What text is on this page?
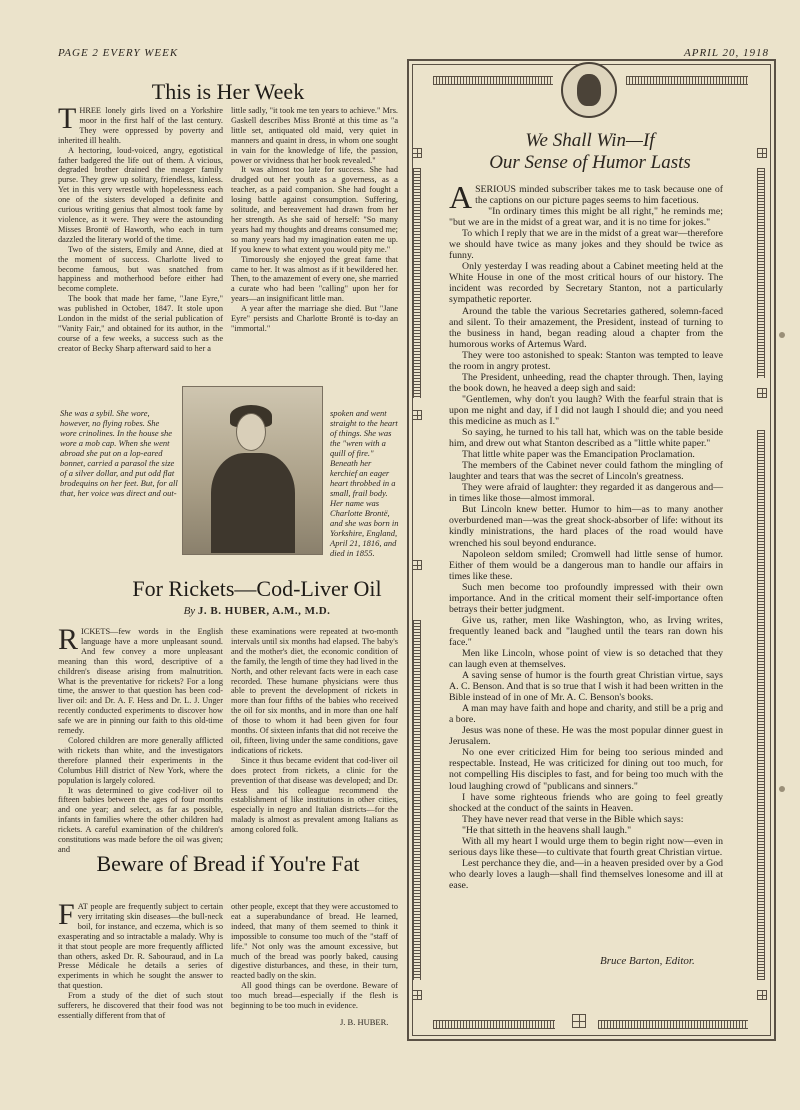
PAGE 2 EVERY WEEK	APRIL 20, 1918
This is Her Week

THREE lonely girls lived on a Yorkshire moor in the first half of the last century. They were oppressed by poverty and inherited ill health.

A hectoring, loud-voiced, angry, egotistical father badgered the life out of them. A vicious, degraded brother drained the meager family purse. They grew up solitary, friendless, kinless. Yet in this very wrestle with hopelessness each one of the sisters developed a definite and curious writing genius that almost took fame by violence, as it were. They were the astounding Misses Brontë of Haworth, who each in turn dazzled the literary world of the time.

Two of the sisters, Emily and Anne, died at the moment of success. Charlotte lived to become famous, but was snatched from happiness and motherhood before either had become complete.

The book that made her fame, "Jane Eyre," was published in October, 1847. It stole upon London in the midst of the serial publication of "Vanity Fair," and obtained for its author, in the course of a few weeks, a success such as the creator of Becky Sharp afterward said to her a

little sadly, "it took me ten years to achieve." Mrs. Gaskell describes Miss Brontë at this time as "a little set, antiquated old maid, very quiet in manners and quaint in dress, in whom one sought in vain for the knowledge of life, the passion, power or vividness that her book revealed."

It was almost too late for success. She had drudged out her youth as a governess, as a teacher, as a paid companion. She had fought a losing battle against consumption. Suffering, solitude, and bereavement had drawn from her her strength. As she said of herself: "So many years had my thoughts and dreams consumed me; so many years had my imagination eaten me up. If you knew to what extent you would pity me."

Timorously she enjoyed the great fame that came to her. It was almost as if it bewildered her. Then, to the amazement of every one, she married a curate who had been "calling" upon her for years—an insignificant little man.

A year after the marriage she died. But "Jane Eyre" persists and Charlotte Brontë is to-day an "immortal."

She was a sybil. She wore, however, no flying robes. She wore crinolines. In the house she wore a mob cap. When she went abroad she put on a lop-eared bonnet, carried a parasol the size of a silver dollar, and put odd flat brodequins on her feet. But, for all that, her voice was direct and out-
spoken and went straight to the heart of things. She was the "wren with a quill of fire." Beneath her kerchief an eager heart throbbed in a small, frail body. Her name was Charlotte Brontë, and she was born in Yorkshire, England, April 21, 1816, and died in 1855.
For Rickets—Cod-Liver Oil
By J. B. HUBER, A.M., M.D.

RICKETS—few words in the English language have a more unpleasant sound. And few convey a more unpleasant meaning than this word, descriptive of a children's disease arising from malnutrition. What is the preventative for rickets? For a long time, the answer to that question has been cod-liver oil: and Dr. A. F. Hess and Dr. L. J. Unger recently conducted experiments to discover how safe we are in pinning our faith to this old-time remedy.

Colored children are more generally afflicted with rickets than white, and the investigators therefore planned their experiments in the Columbus Hill district of New York, where the population is largely colored.

It was determined to give cod-liver oil to fifteen babies between the ages of four months and one year; and select, as far as possible, infants in families where the other children had rickets. A careful examination of the children's constitutions was made before the oil was given; and

these examinations were repeated at two-month intervals until six months had elapsed. The baby's and the mother's diet, the economic condition of the family, the length of time they had lived in the North, and other relevant facts were in each case recorded. These humane physicians were thus able to prevent the development of rickets in more than four fifths of the babies who received the oil for six months, and in more than one half of those to whom it had been given for four months. Of sixteen infants that did not receive the oil, fifteen, living under the same conditions, gave indications of rickets.

Since it thus became evident that cod-liver oil does protect from rickets, a clinic for the prevention of that disease was developed; and Dr. Hess and his colleague recommend the establishment of like institutions in other cities, especially in negro and Italian districts—for the malady is almost as prevalent among Italians as among colored folk.

Beware of Bread if You're Fat

FAT people are frequently subject to certain very irritating skin diseases—the bull-neck boil, for instance, and eczema, which is so exasperating and so intractable a malady. Why is it that stout people are more frequently afflicted than others, asked Dr. R. Sabouraud, and in La Presse Médicale he details a series of experiments in which he sought the answer to that question.

From a study of the diet of such stout sufferers, he discovered that their food was not essentially different from that of

other people, except that they were accustomed to eat a superabundance of bread. He learned, indeed, that many of them seemed to think it impossible to consume too much of the "staff of life." Not only was the amount excessive, but much of the bread was poorly baked, causing digestive disturbances, and these, in their turn, reacted badly on the skin.

All good things can be overdone. Beware of too much bread—especially if the flesh is beginning to be too much in evidence.

J. B. HUBER.
We Shall Win—If
Our Sense of Humor Lasts

ASERIOUS minded subscriber takes me to task because one of the captions on our picture pages seems to him facetious.

"In ordinary times this might be all right," he reminds me; "but we are in the midst of a great war, and it is no time for jokes."

To which I reply that we are in the midst of a great war—therefore we should have twice as many jokes and they should be twice as funny.

Only yesterday I was reading about a Cabinet meeting held at the White House in one of the most critical hours of our history. The incident was recorded by Secretary Stanton, not a particularly sympathetic reporter.

Around the table the various Secretaries gathered, solemn-faced and silent. To their amazement, the President, instead of turning to the business in hand, began reading aloud a chapter from the humorous works of Artemus Ward.

They were too astonished to speak: Stanton was tempted to leave the room in angry protest.

The President, unheeding, read the chapter through. Then, laying the book down, he heaved a deep sigh and said:

"Gentlemen, why don't you laugh? With the fearful strain that is upon me night and day, if I did not laugh I should die; and you need this medicine as much as I."

So saying, he turned to his tall hat, which was on the table beside him, and drew out what Stanton described as a "little white paper."

That little white paper was the Emancipation Proclamation.

The members of the Cabinet never could fathom the mingling of laughter and tears that was the secret of Lincoln's greatness.

They were afraid of laughter: they regarded it as dangerous and—in times like those—almost immoral.

But Lincoln knew better. Humor to him—as to many another overburdened man—was the great shock-absorber of life: without its kindly ministrations, the hard places of the road would have wrenched his soul beyond endurance.

Napoleon seldom smiled; Cromwell had little sense of humor. Either of them would be a dangerous man to handle our affairs in times like these.

Such men become too profoundly impressed with their own importance. And in the critical moment their self-importance often betrays their better judgment.

Give us, rather, men like Washington, who, as Irving writes, frequently leaned back and "laughed until the tears ran down his face."

Men like Lincoln, whose point of view is so detached that they can laugh even at themselves.

A saving sense of humor is the fourth great Christian virtue, says A. C. Benson. And that is so true that I wish it had been written in the Bible instead of in one of Mr. A. C. Benson's books.

A man may have faith and hope and charity, and still be a prig and a bore.

Jesus was none of these. He was the most popular dinner guest in Jerusalem.

No one ever criticized Him for being too serious minded and respectable. Instead, He was criticized for dining out too much, for not compelling His disciples to fast, and for being too much with the loud laughing crowd of "publicans and sinners."

I have some righteous friends who are going to feel greatly shocked at the conduct of the saints in Heaven.

They have never read that verse in the Bible which says:

"He that sitteth in the heavens shall laugh."

With all my heart I would urge them to begin right now—even in serious days like these—to cultivate that fourth great Christian virtue.

Lest perchance they die, and—in a heaven presided over by a God who dearly loves a laugh—shall find themselves lonesome and ill at ease.

Bruce Barton, Editor.
